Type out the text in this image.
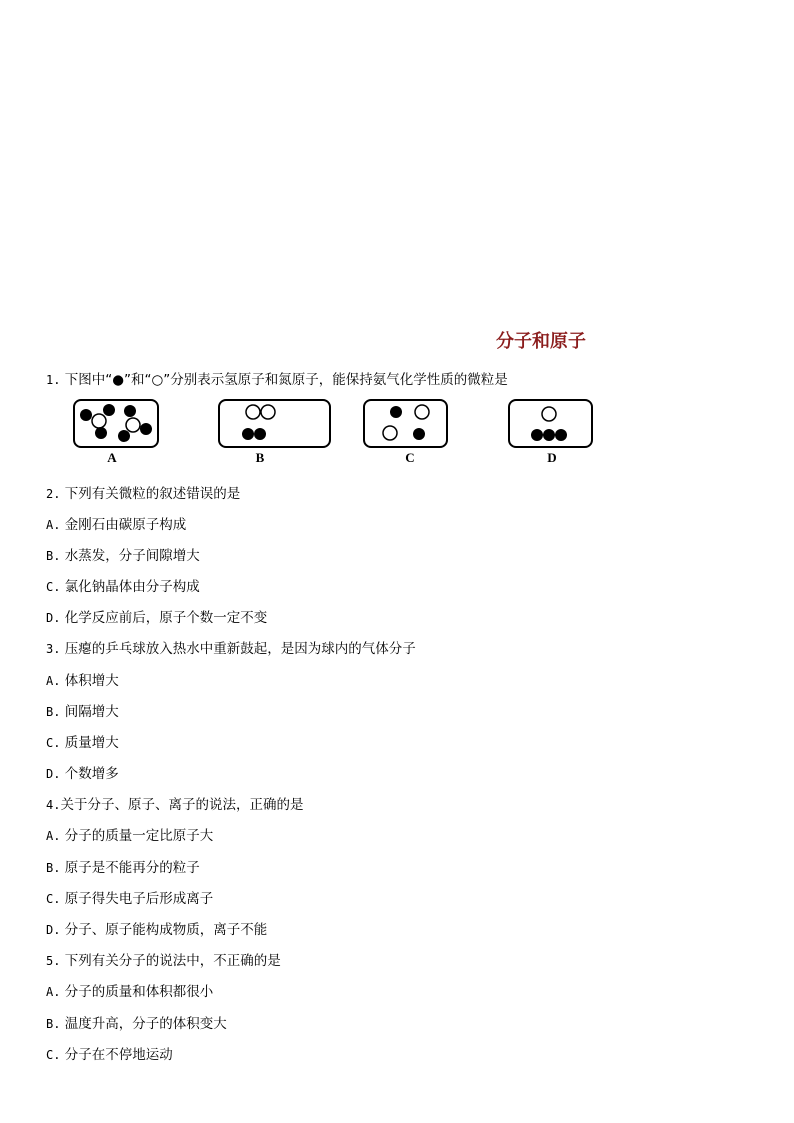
分子和原子
1. 下图中“●”和“○”分别表示氢原子和氮原子，能保持氨气化学性质的微粒是
A	B	C	D
2. 下列有关微粒的叙述错误的是
A. 金刚石由碳原子构成
B. 水蒸发，分子间隙增大
C. 氯化钠晶体由分子构成
D. 化学反应前后，原子个数一定不变
3. 压瘪的乒乓球放入热水中重新鼓起，是因为球内的气体分子
A. 体积增大
B. 间隔增大
C. 质量增大
D. 个数增多
4.关于分子、原子、离子的说法，正确的是
A. 分子的质量一定比原子大
B. 原子是不能再分的粒子
C. 原子得失电子后形成离子
D. 分子、原子能构成物质，离子不能
5. 下列有关分子的说法中，不正确的是
A. 分子的质量和体积都很小
B. 温度升高，分子的体积变大
C. 分子在不停地运动
